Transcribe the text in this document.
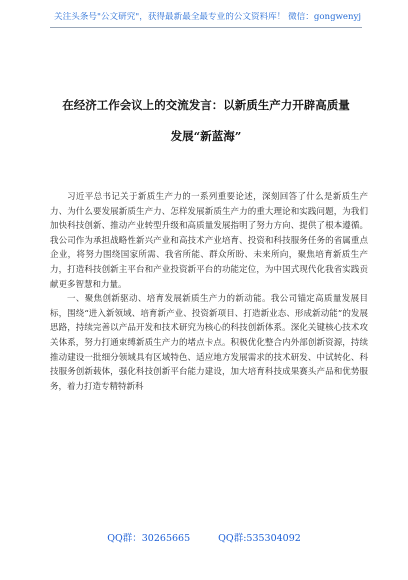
关注头条号"公文研究"，获得最新最全最专业的公文资料库！ 微信：gongwenyj
在经济工作会议上的交流发言：以新质生产力开辟高质量
发展“新蓝海”

习近平总书记关于新质生产力的一系列重要论述，深刻回答了什么是新质生产力、为什么要发展新质生产力、怎样发展新质生产力的重大理论和实践问题，为我们加快科技创新、推动产业转型升级和高质量发展指明了努力方向、提供了根本遵循。我公司作为承担战略性新兴产业和高技术产业培育、投资和科技服务任务的省属重点企业，将努力围绕国家所需、我省所能、群众所盼、未来所向，聚焦培育新质生产力，打造科技创新主平台和产业投资新平台的功能定位，为中国式现代化我省实践贡献更多智慧和力量。

一、聚焦创新驱动、培育发展新质生产力的新动能。我公司锚定高质量发展目标，围绕“进入新领域、培育新产业、投资新项目、打造新业态、形成新动能”的发展思路，持续完善以产品开发和技术研究为核心的科技创新体系。深化关键核心技术攻关体系，努力打通束缚新质生产力的堵点卡点。积极优化整合内外部创新资源，持续推动建设一批细分领域具有区域特色、适应地方发展需求的技术研发、中试转化、科技服务创新载体，强化科技创新平台能力建设，加大培育科技成果赛头产品和优势服务，着力打造专精特新科

QQ群：30265665	QQ群:535304092
